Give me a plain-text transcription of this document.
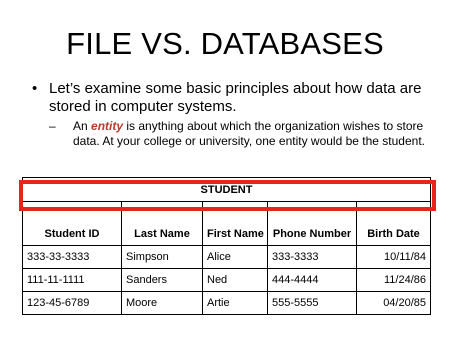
FILE VS. DATABASES
• Let’s examine some basic principles about how data are stored in computer systems.
– An entity is anything about which the organization wishes to store data. At your college or university, one entity would be the student.
STUDENT				
Student ID	Last Name	First Name	Phone Number	Birth Date
333-33-3333	Simpson	Alice	333-3333	10/11/84
111-11-1111	Sanders	Ned	444-4444	11/24/86
123-45-6789	Moore	Artie	555-5555	04/20/85
